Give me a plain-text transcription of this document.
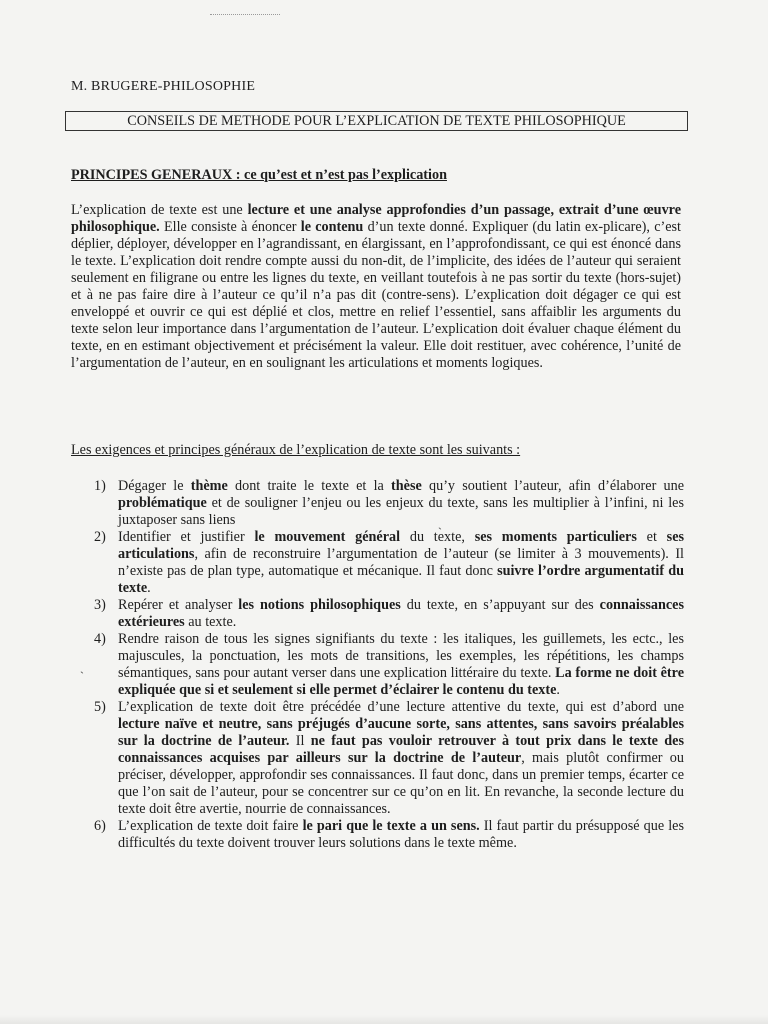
M. BRUGERE-PHILOSOPHIE
CONSEILS DE METHODE POUR L’EXPLICATION DE TEXTE PHILOSOPHIQUE
PRINCIPES GENERAUX : ce qu’est et n’est pas l’explication
L’explication de texte est une lecture et une analyse approfondies d’un passage, extrait d’une œuvre philosophique. Elle consiste à énoncer le contenu d’un texte donné. Expliquer (du latin ex-plicare), c’est déplier, déployer, développer en l’agrandissant, en élargissant, en l’approfondissant, ce qui est énoncé dans le texte. L’explication doit rendre compte aussi du non-dit, de l’implicite, des idées de l’auteur qui seraient seulement en filigrane ou entre les lignes du texte, en veillant toutefois à ne pas sortir du texte (hors-sujet) et à ne pas faire dire à l’auteur ce qu’il n’a pas dit (contre-sens). L’explication doit dégager ce qui est enveloppé et ouvrir ce qui est déplié et clos, mettre en relief l’essentiel, sans affaiblir les arguments du texte selon leur importance dans l’argumentation de l’auteur. L’explication doit évaluer chaque élément du texte, en en estimant objectivement et précisément la valeur. Elle doit restituer, avec cohérence, l’unité de l’argumentation de l’auteur, en en soulignant les articulations et moments logiques.
Les exigences et principes généraux de l’explication de texte sont les suivants :
1) Dégager le thème dont traite le texte et la thèse qu’y soutient l’auteur, afin d’élaborer une problématique et de souligner l’enjeu ou les enjeux du texte, sans les multiplier à l’infini, ni les juxtaposer sans liens
2) Identifier et justifier le mouvement général du texte, ses moments particuliers et ses articulations, afin de reconstruire l’argumentation de l’auteur (se limiter à 3 mouvements). Il n’existe pas de plan type, automatique et mécanique. Il faut donc suivre l’ordre argumentatif du texte.
3) Repérer et analyser les notions philosophiques du texte, en s’appuyant sur des connaissances extérieures au texte.
4) Rendre raison de tous les signes signifiants du texte : les italiques, les guillemets, les ectc., les majuscules, la ponctuation, les mots de transitions, les exemples, les répétitions, les champs sémantiques, sans pour autant verser dans une explication littéraire du texte. La forme ne doit être expliquée que si et seulement si elle permet d’éclairer le contenu du texte.
5) L’explication de texte doit être précédée d’une lecture attentive du texte, qui est d’abord une lecture naïve et neutre, sans préjugés d’aucune sorte, sans attentes, sans savoirs préalables sur la doctrine de l’auteur. Il ne faut pas vouloir retrouver à tout prix dans le texte des connaissances acquises par ailleurs sur la doctrine de l’auteur, mais plutôt confirmer ou préciser, développer, approfondir ses connaissances. Il faut donc, dans un premier temps, écarter ce que l’on sait de l’auteur, pour se concentrer sur ce qu’on en lit. En revanche, la seconde lecture du texte doit être avertie, nourrie de connaissances.
6) L’explication de texte doit faire le pari que le texte a un sens. Il faut partir du présupposé que les difficultés du texte doivent trouver leurs solutions dans le texte même.
ˏ
ˏ
